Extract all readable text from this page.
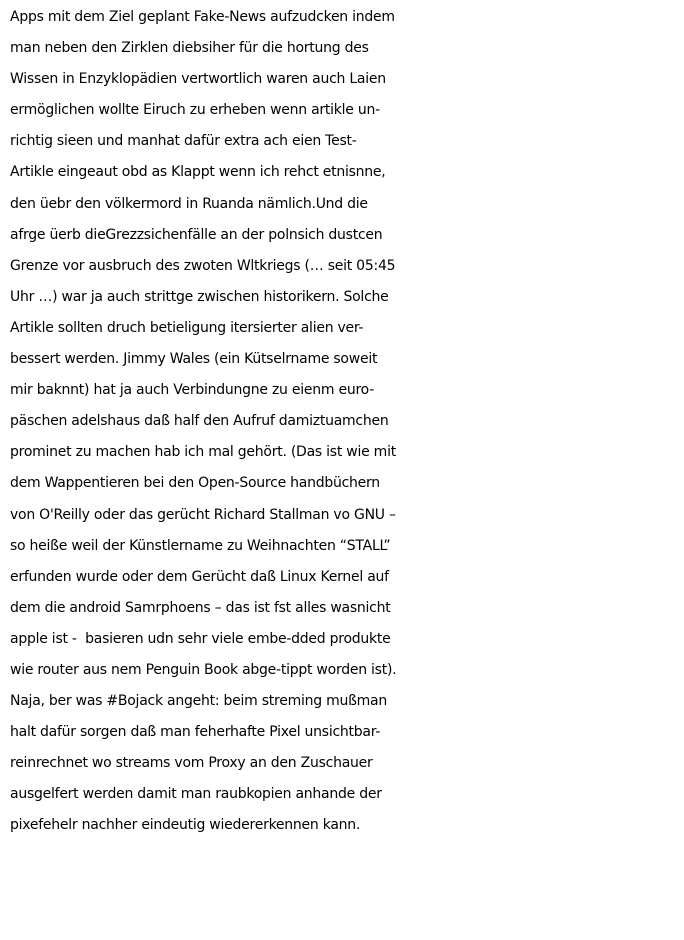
Apps mit dem Ziel geplant Fake-News aufzudcken indem

man neben den Zirklen diebsiher für die hortung des

Wissen in Enzyklopädien vertwortlich waren auch Laien

ermöglichen wollte Eiruch zu erheben wenn artikle un-

richtig sieen und manhat dafür extra ach eien Test-

Artikle eingeaut obd as Klappt wenn ich rehct etnisnne,

den üebr den völkermord in Ruanda nämlich.Und die

afrge üerb dieGrezzsichenfälle an der polnsich dustcen

Grenze vor ausbruch des zwoten Wltkriegs (… seit 05:45

Uhr …) war ja auch strittge zwischen historikern. Solche

Artikle sollten druch betieligung itersierter alien ver-

bessert werden. Jimmy Wales (ein Kütselrname soweit

mir baknnt) hat ja auch Verbindungne zu eienm euro-

päschen adelshaus daß half den Aufruf damiztuamchen

prominet zu machen hab ich mal gehört. (Das ist wie mit

dem Wappentieren bei den Open-Source handbüchern

von O'Reilly oder das gerücht Richard Stallman vo GNU –

so heiße weil der Künstlername zu Weihnachten “STALL”

erfunden wurde oder dem Gerücht daß Linux Kernel auf

dem die android Samrphoens – das ist fst alles wasnicht

apple ist -  basieren udn sehr viele embe-dded produkte

wie router aus nem Penguin Book abge-tippt worden ist).

Naja, ber was #Bojack angeht: beim streming mußman

halt dafür sorgen daß man feherhafte Pixel unsichtbar-

reinrechnet wo streams vom Proxy an den Zuschauer

ausgelfert werden damit man raubkopien anhande der

pixefehelr nachher eindeutig wiedererkennen kann.
